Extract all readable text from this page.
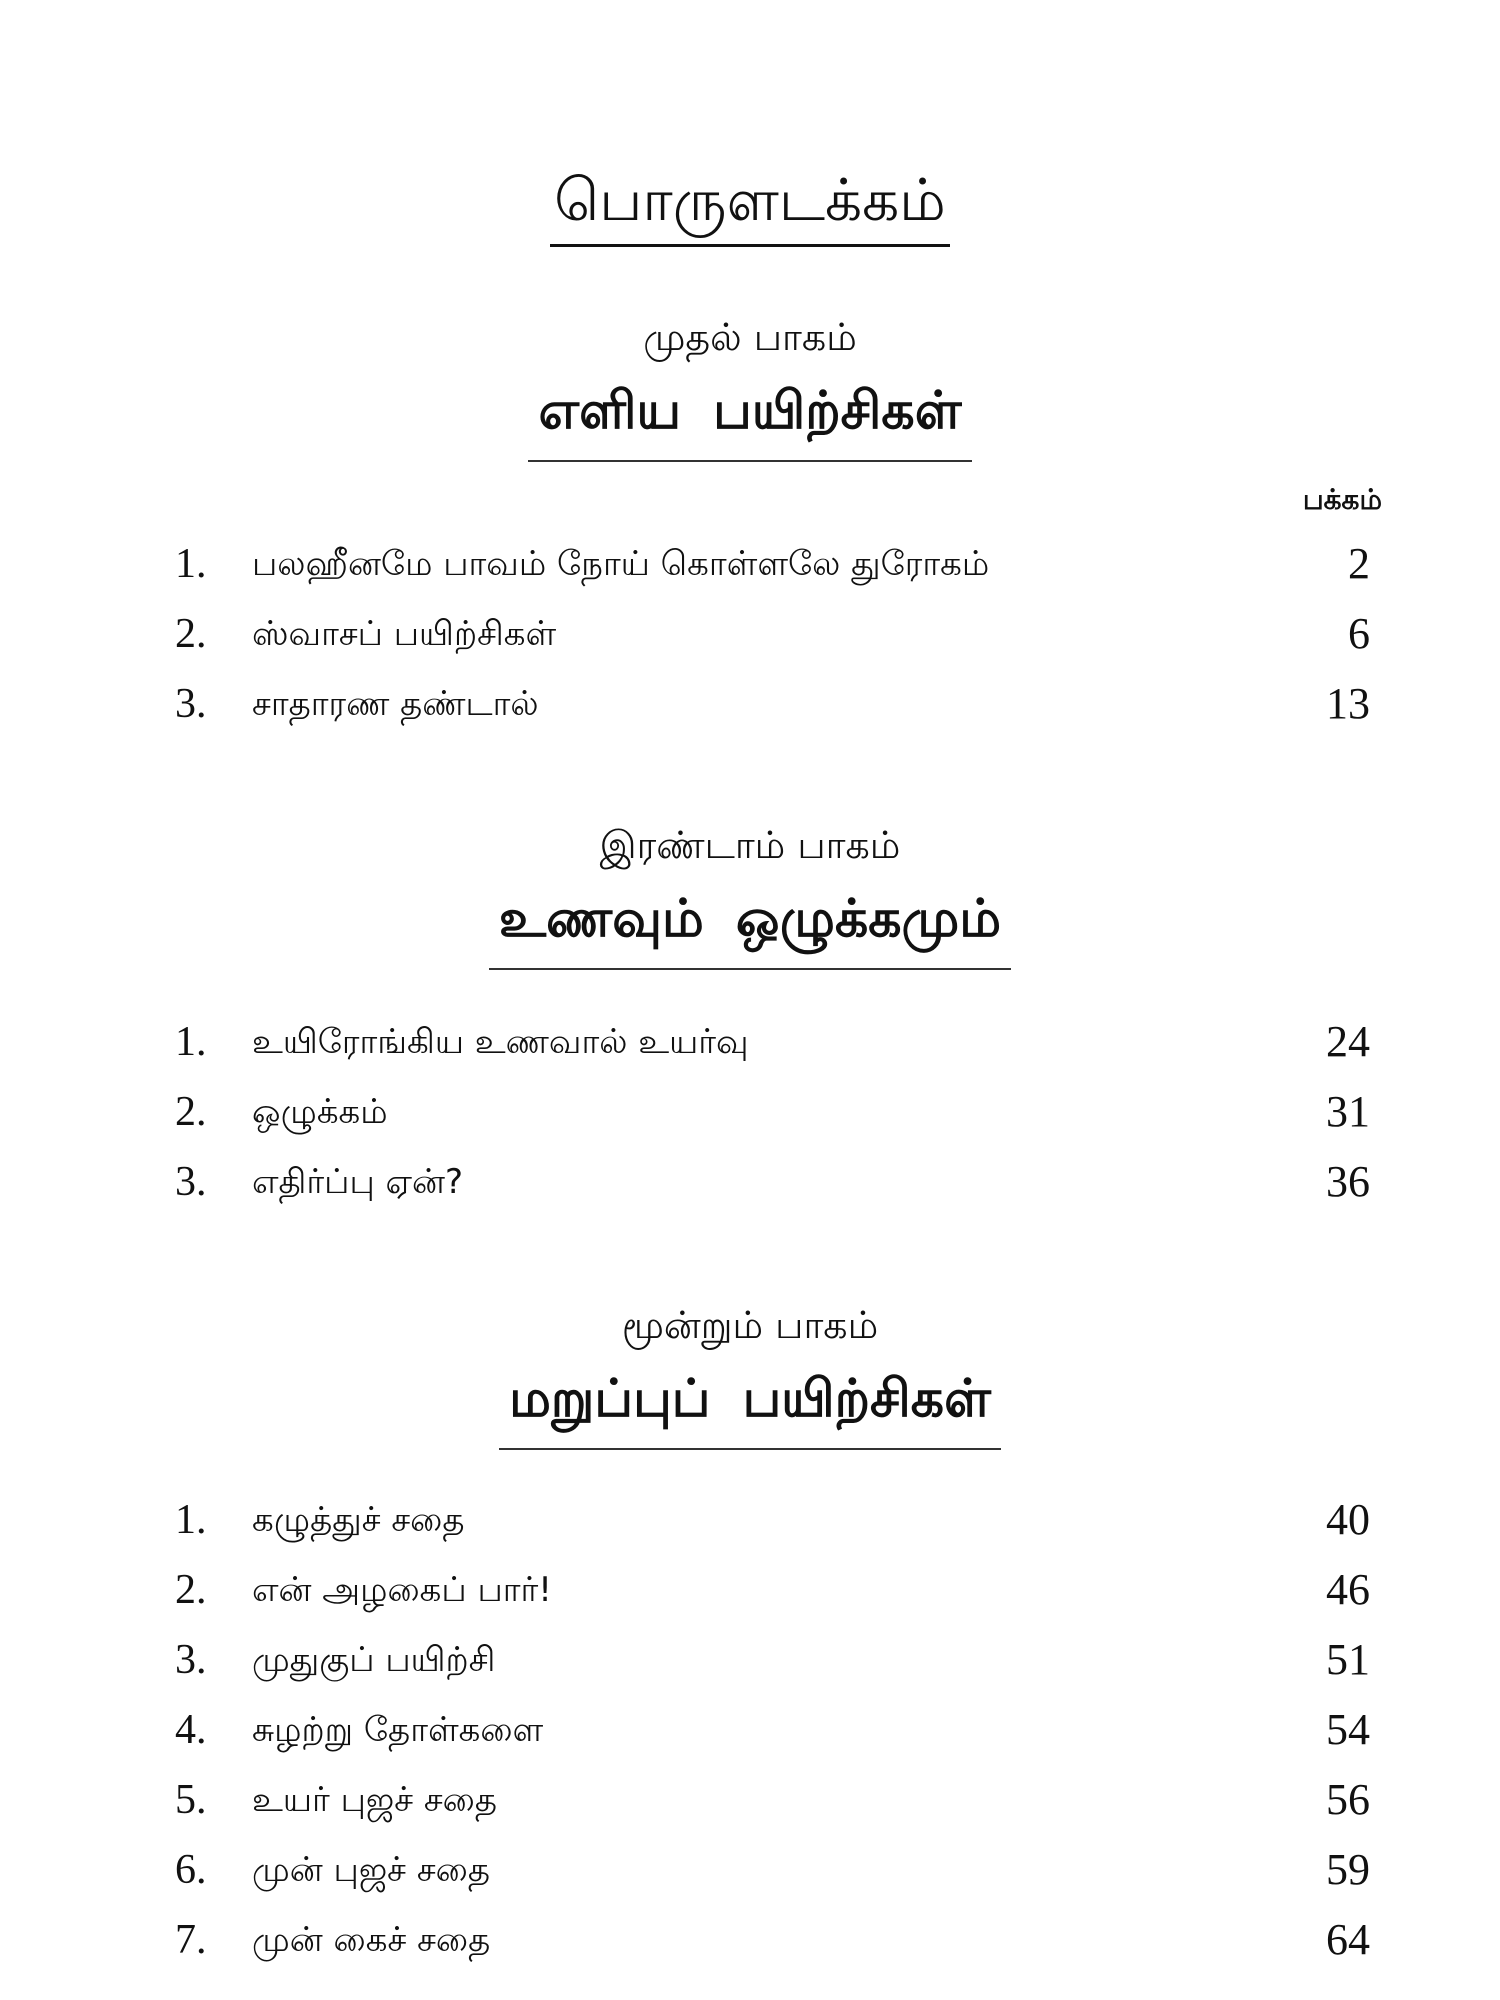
பொருளடக்கம்
முதல் பாகம்
எளிய பயிற்சிகள்
பக்கம்
1. பலஹீனமே பாவம் நோய் கொள்ளலே துரோகம்	2
2. ஸ்வாசப் பயிற்சிகள்	6
3. சாதாரண தண்டால்	13
இரண்டாம் பாகம்
உணவும் ஒழுக்கமும்
1. உயிரோங்கிய உணவால் உயர்வு	24
2. ஒழுக்கம்	31
3. எதிர்ப்பு ஏன்?	36
மூன்றும் பாகம்
மறுப்புப் பயிற்சிகள்
1. கழுத்துச் சதை	40
2. என் அழகைப் பார்!	46
3. முதுகுப் பயிற்சி	51
4. சுழற்று தோள்களை	54
5. உயர் புஜச் சதை	56
6. முன் புஜச் சதை	59
7. முன் கைச் சதை	64
